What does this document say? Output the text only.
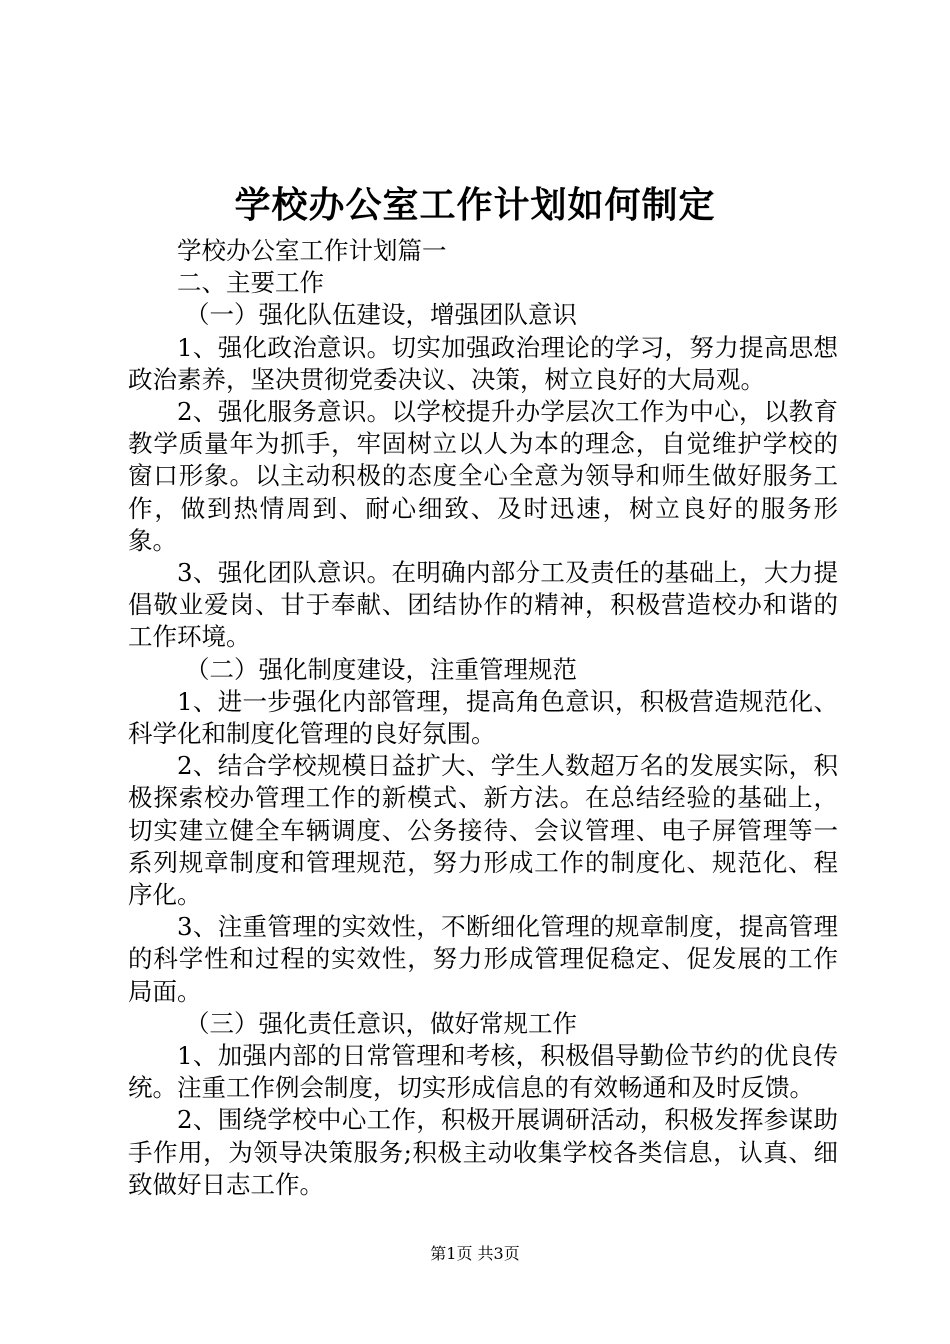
学校办公室工作计划如何制定

学校办公室工作计划篇一

二、主要工作

（一）强化队伍建设，增强团队意识

1、强化政治意识。切实加强政治理论的学习，努力提高思想政治素养，坚决贯彻党委决议、决策，树立良好的大局观。

2、强化服务意识。以学校提升办学层次工作为中心，以教育教学质量年为抓手，牢固树立以人为本的理念，自觉维护学校的窗口形象。以主动积极的态度全心全意为领导和师生做好服务工作，做到热情周到、耐心细致、及时迅速，树立良好的服务形象。

3、强化团队意识。在明确内部分工及责任的基础上，大力提倡敬业爱岗、甘于奉献、团结协作的精神，积极营造校办和谐的工作环境。

（二）强化制度建设，注重管理规范

1、进一步强化内部管理，提高角色意识，积极营造规范化、科学化和制度化管理的良好氛围。

2、结合学校规模日益扩大、学生人数超万名的发展实际，积极探索校办管理工作的新模式、新方法。在总结经验的基础上，切实建立健全车辆调度、公务接待、会议管理、电子屏管理等一系列规章制度和管理规范，努力形成工作的制度化、规范化、程序化。

3、注重管理的实效性，不断细化管理的规章制度，提高管理的科学性和过程的实效性，努力形成管理促稳定、促发展的工作局面。

（三）强化责任意识，做好常规工作

1、加强内部的日常管理和考核，积极倡导勤俭节约的优良传统。注重工作例会制度，切实形成信息的有效畅通和及时反馈。

2、围绕学校中心工作，积极开展调研活动，积极发挥参谋助手作用，为领导决策服务;积极主动收集学校各类信息，认真、细致做好日志工作。

第1页 共3页
